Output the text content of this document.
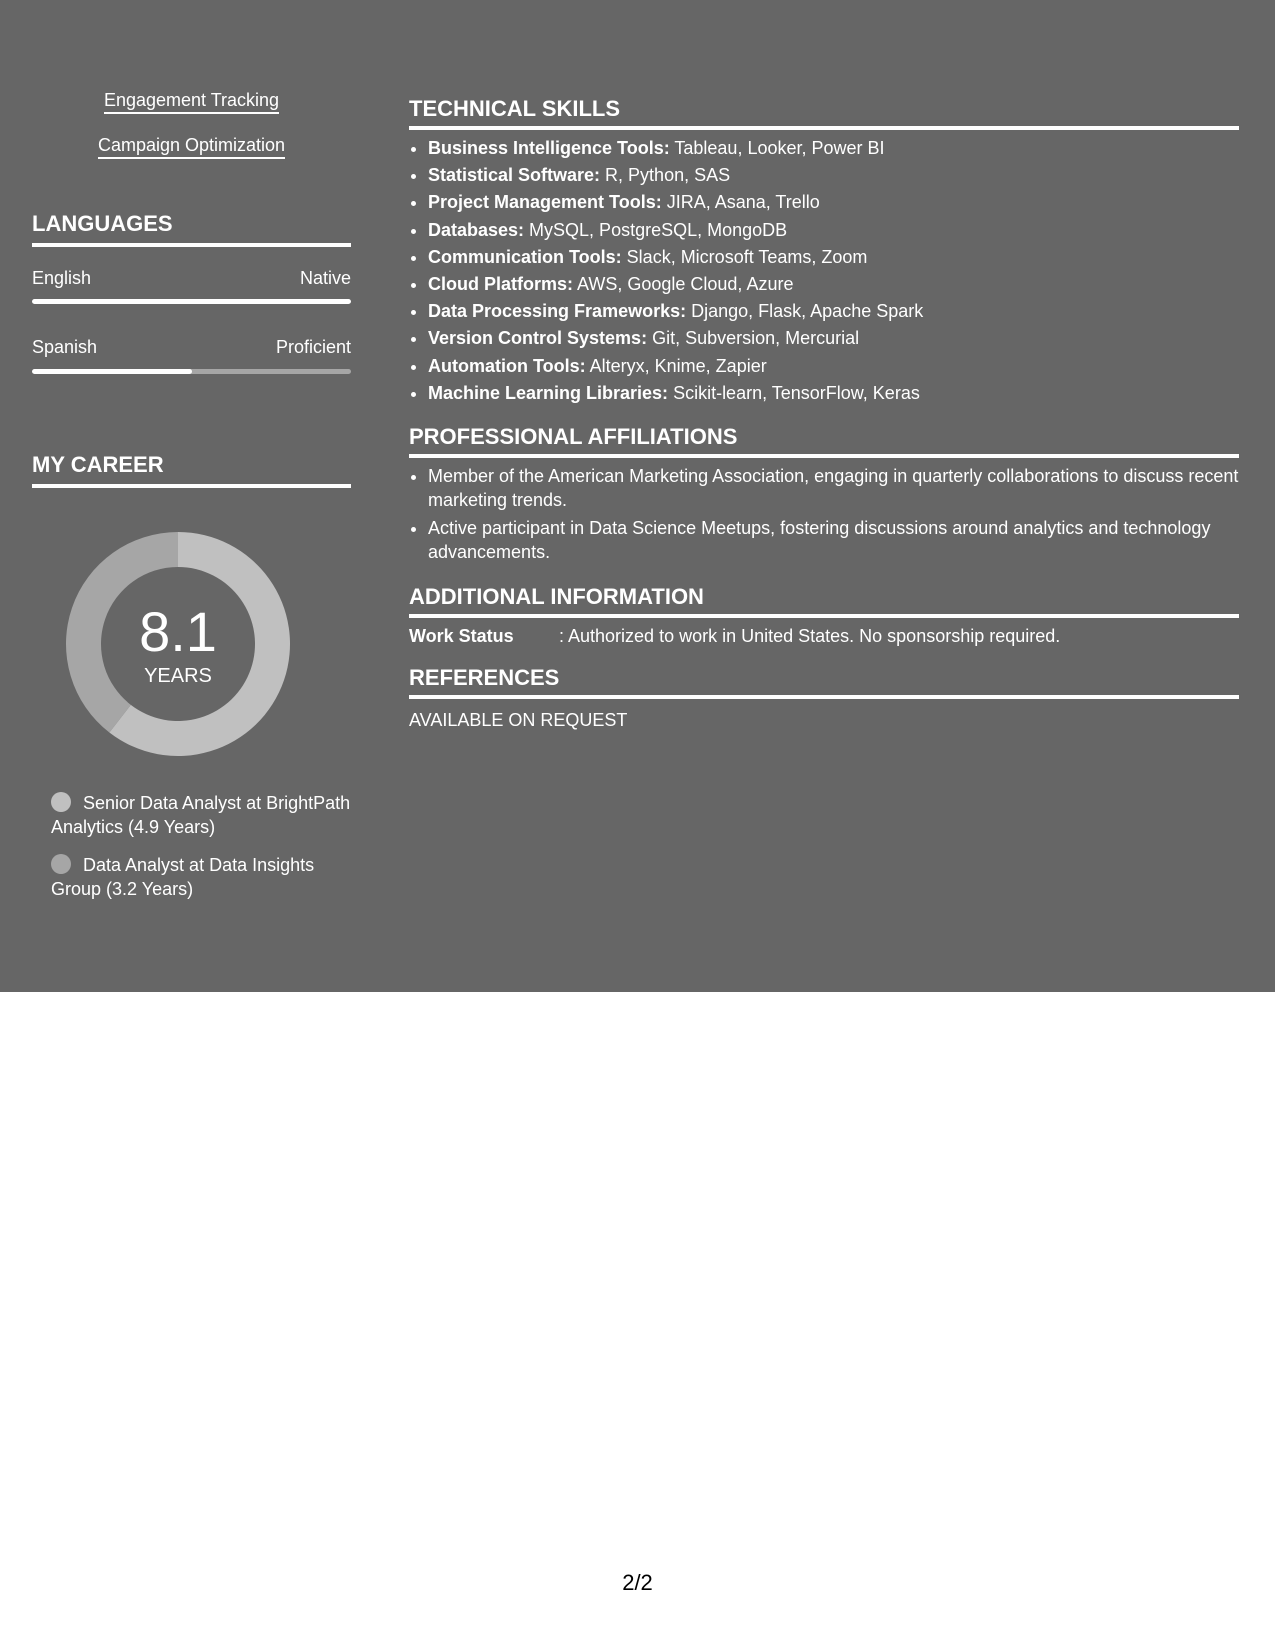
Engagement Tracking
Campaign Optimization
LANGUAGES
English	Native
Spanish	Proficient
MY CAREER
8.1
YEARS
Senior Data Analyst at BrightPath Analytics (4.9 Years)
Data Analyst at Data Insights Group (3.2 Years)
TECHNICAL SKILLS
• Business Intelligence Tools: Tableau, Looker, Power BI
• Statistical Software: R, Python, SAS
• Project Management Tools: JIRA, Asana, Trello
• Databases: MySQL, PostgreSQL, MongoDB
• Communication Tools: Slack, Microsoft Teams, Zoom
• Cloud Platforms: AWS, Google Cloud, Azure
• Data Processing Frameworks: Django, Flask, Apache Spark
• Version Control Systems: Git, Subversion, Mercurial
• Automation Tools: Alteryx, Knime, Zapier
• Machine Learning Libraries: Scikit-learn, TensorFlow, Keras
PROFESSIONAL AFFILIATIONS
• Member of the American Marketing Association, engaging in quarterly collaborations to discuss recent marketing trends.
• Active participant in Data Science Meetups, fostering discussions around analytics and technology advancements.
ADDITIONAL INFORMATION
Work Status	: Authorized to work in United States. No sponsorship required.
REFERENCES
AVAILABLE ON REQUEST
2/2
